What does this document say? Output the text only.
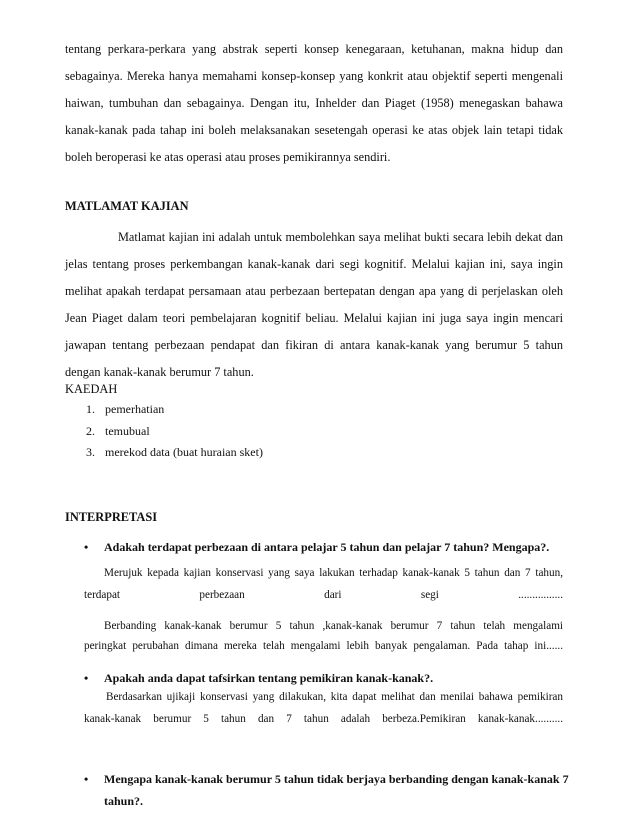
tentang perkara-perkara yang abstrak seperti konsep kenegaraan, ketuhanan, makna hidup dan
sebagainya. Mereka hanya memahami konsep-konsep yang konkrit atau objektif seperti mengenali
haiwan, tumbuhan dan sebagainya. Dengan itu, Inhelder dan Piaget (1958) menegaskan bahawa
kanak-kanak pada tahap ini boleh melaksanakan sesetengah operasi ke atas objek lain tetapi tidak
boleh beroperasi ke atas operasi atau proses pemikirannya sendiri.
MATLAMAT KAJIAN
Matlamat kajian ini adalah untuk membolehkan saya melihat bukti secara lebih dekat dan
jelas tentang proses perkembangan kanak-kanak dari segi kognitif. Melalui kajian ini, saya ingin
melihat apakah terdapat persamaan atau perbezaan bertepatan dengan apa yang di perjelaskan oleh
Jean Piaget dalam teori pembelajaran kognitif beliau. Melalui kajian ini juga saya ingin mencari
jawapan tentang perbezaan pendapat dan fikiran di antara kanak-kanak yang berumur 5 tahun
dengan kanak-kanak berumur 7 tahun.
KAEDAH
1. pemerhatian
2. temubual
3. merekod data (buat huraian sket)
INTERPRETASI
• Adakah terdapat perbezaan di antara pelajar 5 tahun dan pelajar 7 tahun? Mengapa?.
Merujuk kepada kajian konservasi yang saya lakukan terhadap kanak-kanak 5 tahun dan 7 tahun,
terdapat perbezaan dari segi ................
Berbanding kanak-kanak berumur 5 tahun ,kanak-kanak berumur 7 tahun telah mengalami
peringkat perubahan dimana mereka telah mengalami lebih banyak pengalaman. Pada tahap ini......
• Apakah anda dapat tafsirkan tentang pemikiran kanak-kanak?.
Berdasarkan ujikaji konservasi yang dilakukan, kita dapat melihat dan menilai bahawa pemikiran
kanak-kanak berumur 5 tahun dan 7 tahun adalah berbeza.Pemikiran kanak-kanak..........
• Mengapa kanak-kanak berumur 5 tahun tidak berjaya berbanding dengan kanak-kanak 7
tahun?.
